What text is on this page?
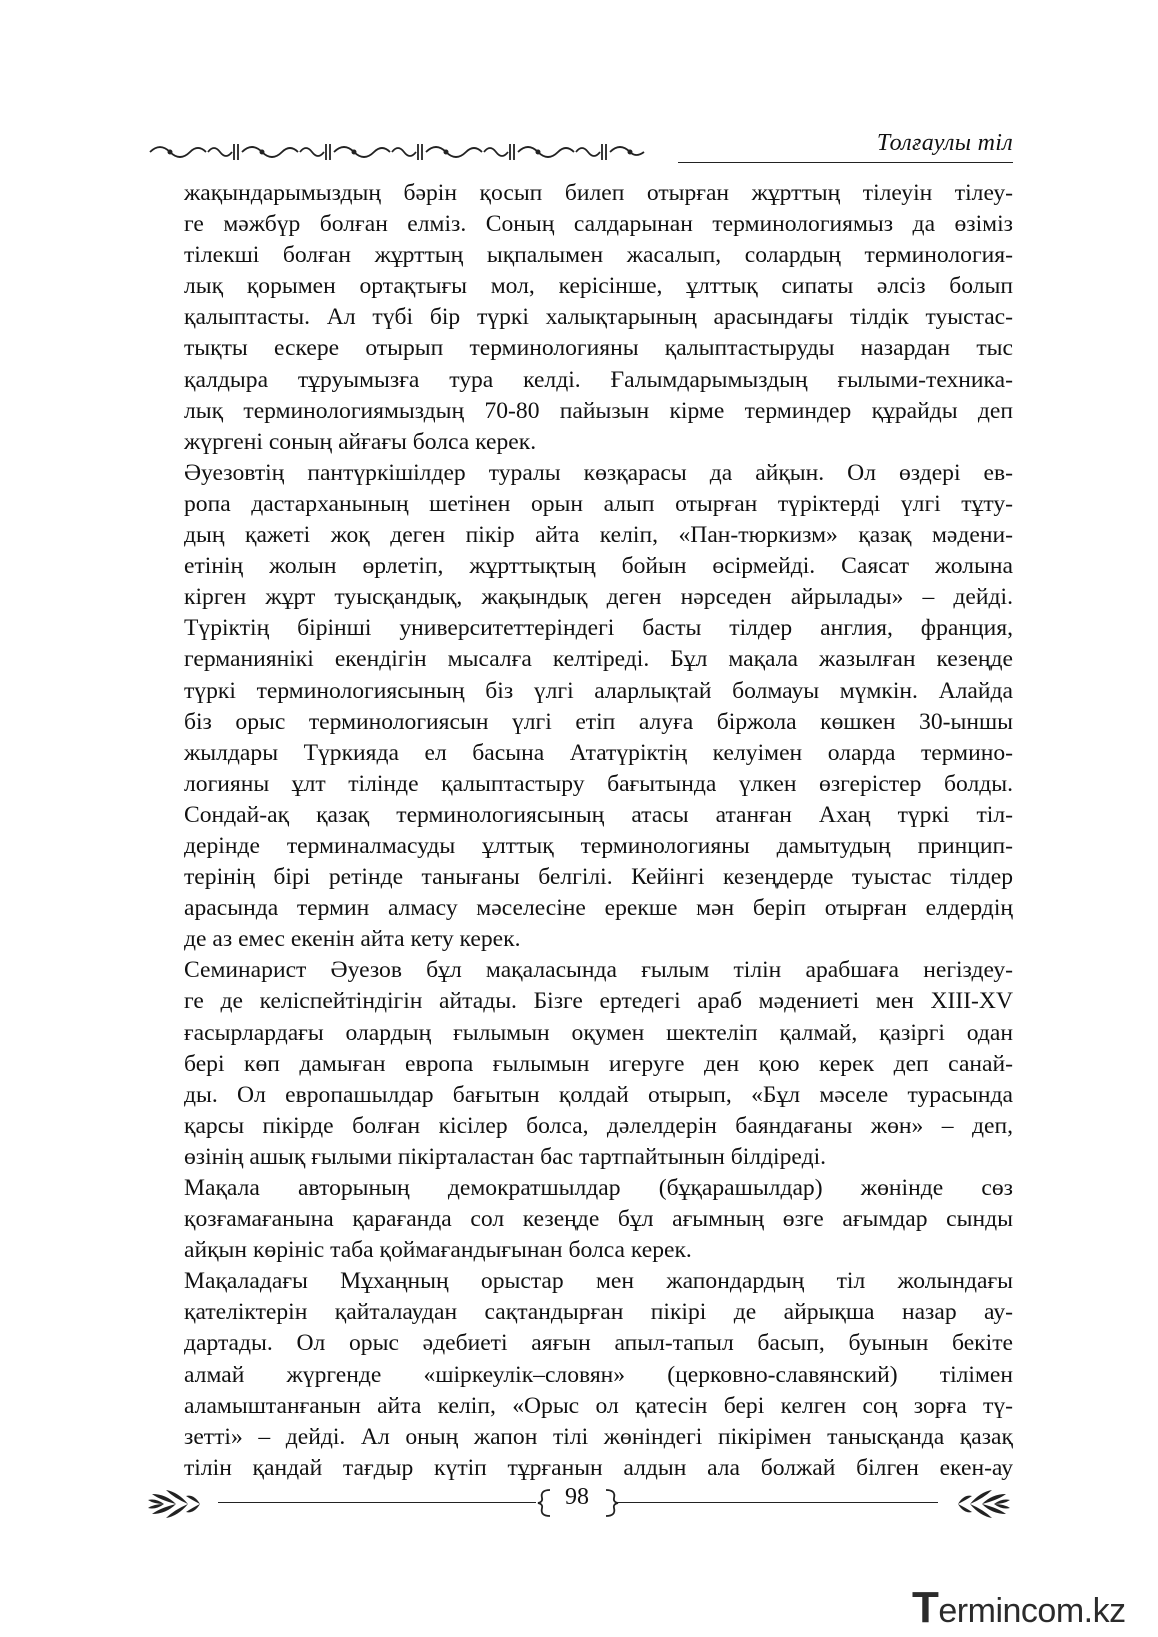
Толғаулы тіл
жақындарымыздың бәрін қосып билеп отырған жұрттың тілеуін тілеу-
ге мәжбүр болған елміз. Соның салдарынан терминологиямыз да өзіміз
тілекші болған жұрттың ықпалымен жасалып, солардың терминология-
лық қорымен ортақтығы мол, керісінше, ұлттық сипаты әлсіз болып
қалыптасты. Ал түбі бір түркі халықтарының арасындағы тілдік туыстас-
тықты ескере отырып терминологияны қалыптастыруды назардан тыс
қалдыра тұруымызға тура келді. Ғалымдарымыздың ғылыми-техника-
лық терминологиямыздың 70-80 пайызын кірме терминдер құрайды деп
жүргені соның айғағы болса керек.
Әуезовтің пантүркішілдер туралы көзқарасы да айқын. Ол өздері ев-
ропа дастарханының шетінен орын алып отырған түріктерді үлгі тұту-
дың қажеті жоқ деген пікір айта келіп, «Пан-тюркизм» қазақ мәдени-
етінің жолын өрлетіп, жұрттықтың бойын өсірмейді. Саясат жолына
кірген жұрт туысқандық, жақындық деген нәрседен айрылады» – дейді.
Түріктің бірінші университеттеріндегі басты тілдер англия, франция,
германиянікі екендігін мысалға келтіреді. Бұл мақала жазылған кезеңде
түркі терминологиясының біз үлгі аларлықтай болмауы мүмкін. Алайда
біз орыс терминологиясын үлгі етіп алуға біржола көшкен 30-ыншы
жылдары Түркияда ел басына Ататүріктің келуімен оларда термино-
логияны ұлт тілінде қалыптастыру бағытында үлкен өзгерістер болды.
Сондай-ақ қазақ терминологиясының атасы атанған Ахаң түркі тіл-
дерінде терминалмасуды ұлттық терминологияны дамытудың принцип-
терінің бірі ретінде танығаны белгілі. Кейінгі кезеңдерде туыстас тілдер
арасында термин алмасу мәселесіне ерекше мән беріп отырған елдердің
де аз емес екенін айта кету керек.
Семинарист Әуезов бұл мақаласында ғылым тілін арабшаға негіздеу-
ге де келіспейтіндігін айтады. Бізге ертедегі араб мәдениеті мен XIII-XV
ғасырлардағы олардың ғылымын оқумен шектеліп қалмай, қазіргі одан
бері көп дамыған европа ғылымын игеруге ден қою керек деп санай-
ды. Ол европашылдар бағытын қолдай отырып, «Бұл мәселе турасында
қарсы пікірде болған кісілер болса, дәлелдерін баяндағаны жөн» – деп,
өзінің ашық ғылыми пікірталастан бас тартпайтынын білдіреді.
Мақала авторының демократшылдар (бұқарашылдар) жөнінде сөз
қозғамағанына қарағанда сол кезеңде бұл ағымның өзге ағымдар сынды
айқын көрініс таба қоймағандығынан болса керек.
Мақаладағы Мұхаңның орыстар мен жапондардың тіл жолындағы
қателіктерін қайталаудан сақтандырған пікірі де айрықша назар ау-
дартады. Ол орыс әдебиеті аяғын апыл-тапыл басып, буынын бекіте
алмай жүргенде «шіркеулік–словян» (церковно-славянский) тілімен
аламыштанғанын айта келіп, «Орыс ол қатесін бері келген соң зорға тү-
зетті» – дейді. Ал оның жапон тілі жөніндегі пікірімен танысқанда қазақ
тілін қандай тағдыр күтіп тұрғанын алдын ала болжай білген екен-ау
98
Termincom.kz
